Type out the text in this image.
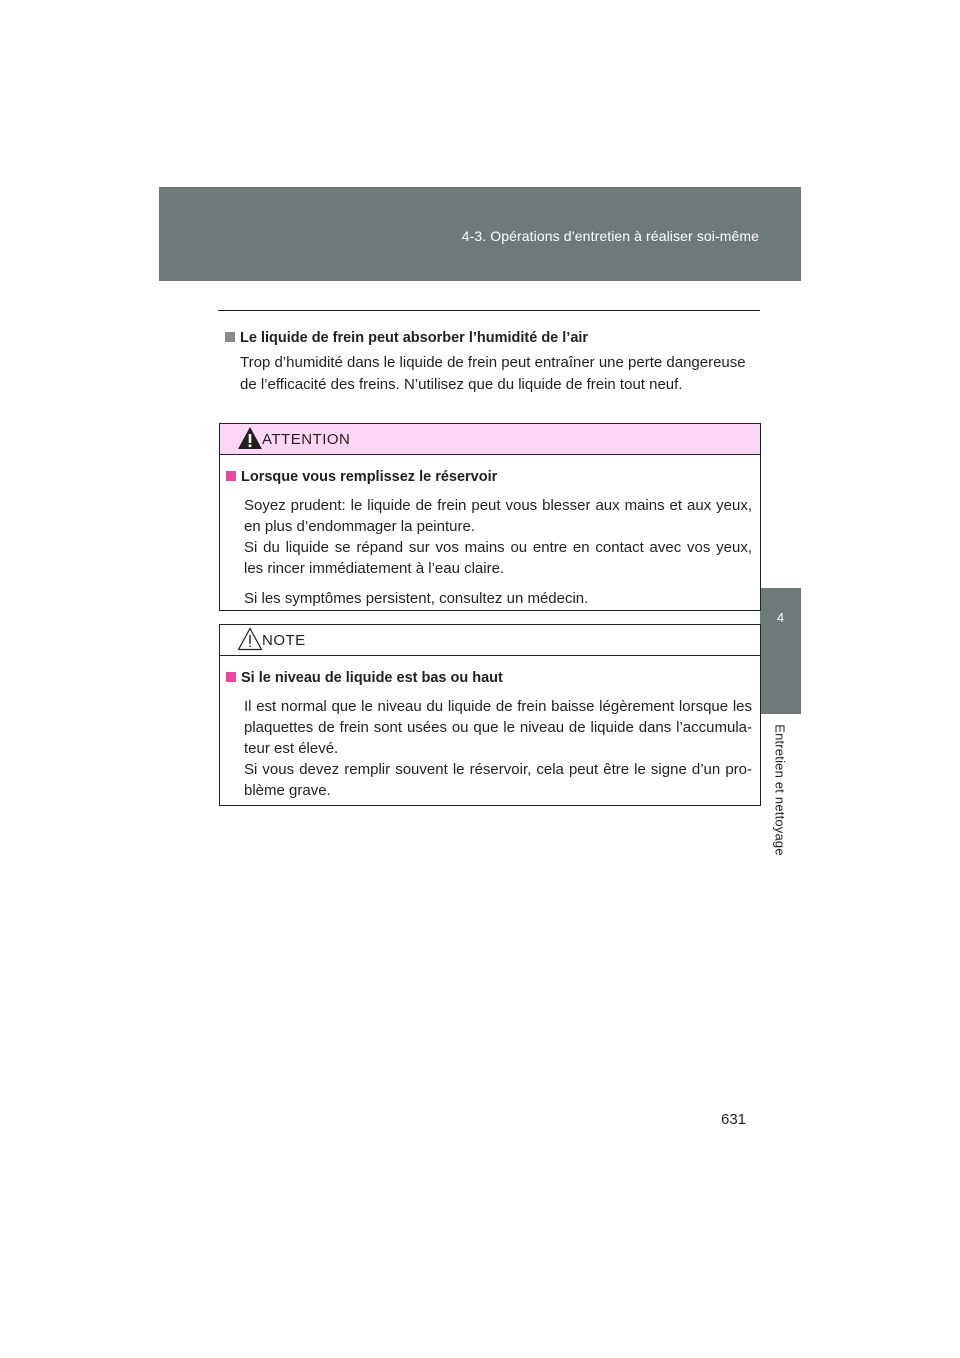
4-3. Opérations d’entretien à réaliser soi-même
4
Entretien et nettoyage

Le liquide de frein peut absorber l’humidité de l’air

Trop d’humidité dans le liquide de frein peut entraîner une perte dangereuse de l’efficacité des freins. N’utilisez que du liquide de frein tout neuf.
ATTENTION

Lorsque vous remplissez le réservoir

Soyez prudent: le liquide de frein peut vous blesser aux mains et aux yeux, en plus d’endommager la peinture.

Si du liquide se répand sur vos mains ou entre en contact avec vos yeux, les rincer immédiatement à l’eau claire.

Si les symptômes persistent, consultez un médecin.

NOTE

Si le niveau de liquide est bas ou haut

Il est normal que le niveau du liquide de frein baisse légèrement lorsque les plaquettes de frein sont usées ou que le niveau de liquide dans l’accumula- teur est élevé.

Si vous devez remplir souvent le réservoir, cela peut être le signe d’un pro- blème grave.

631
